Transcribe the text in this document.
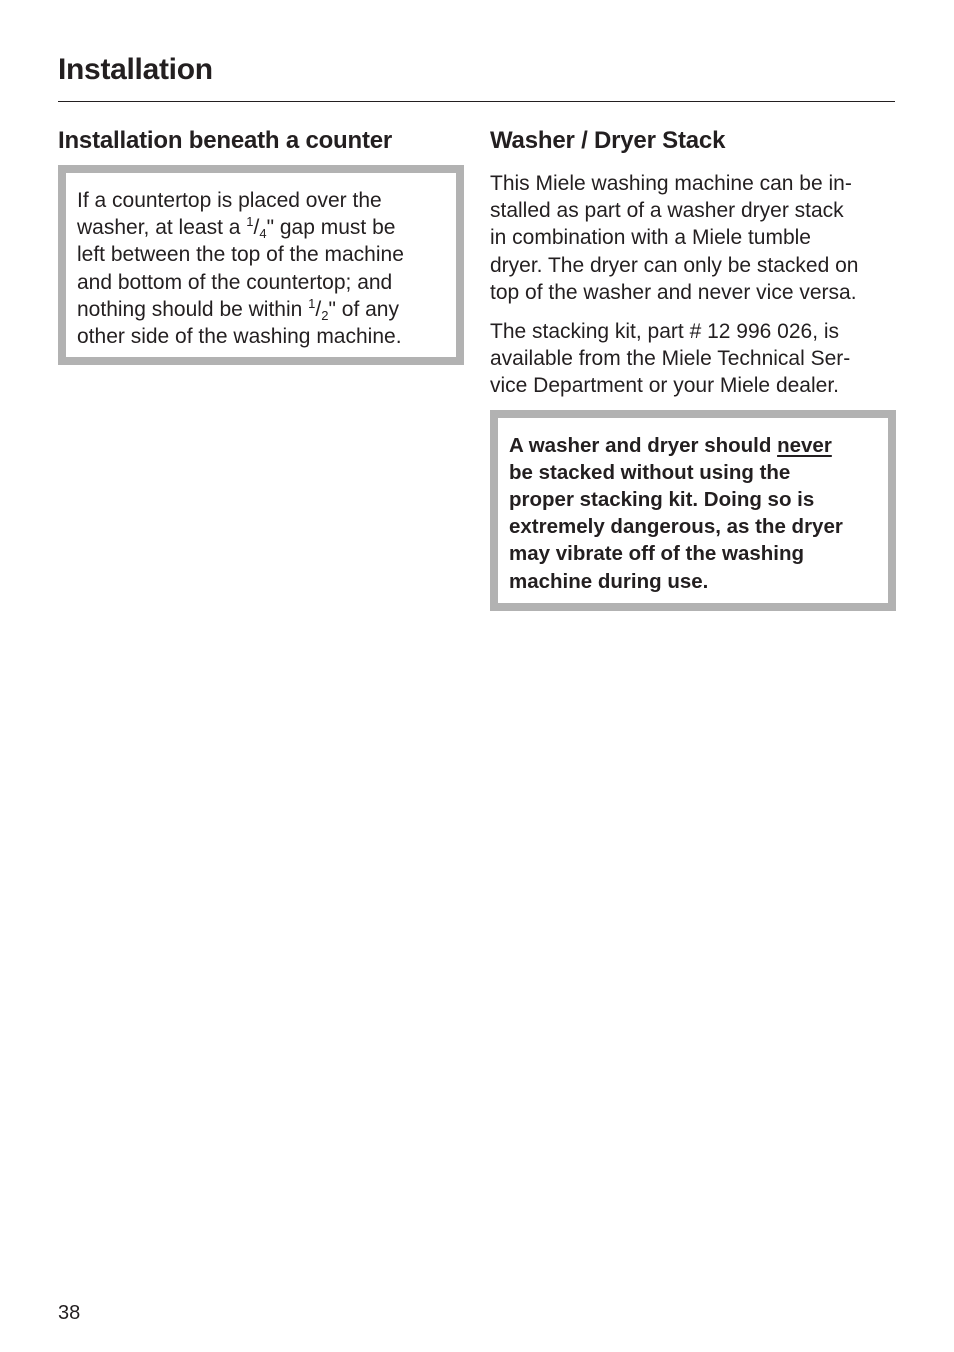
Installation
Installation beneath a counter

If a countertop is placed over the
washer, at least a $^1/_4$" gap must be
left between the top of the machine
and bottom of the countertop; and
nothing should be within $^1/_2$" of any
other side of the washing machine.

Washer / Dryer Stack

This Miele washing machine can be in-
stalled as part of a washer dryer stack
in combination with a Miele tumble
dryer. The dryer can only be stacked on
top of the washer and never vice versa.

The stacking kit, part # 12 996 026, is
available from the Miele Technical Ser-
vice Department or your Miele dealer.

A washer and dryer should never
be stacked without using the
proper stacking kit. Doing so is
extremely dangerous, as the dryer
may vibrate off of the washing
machine during use.

38
